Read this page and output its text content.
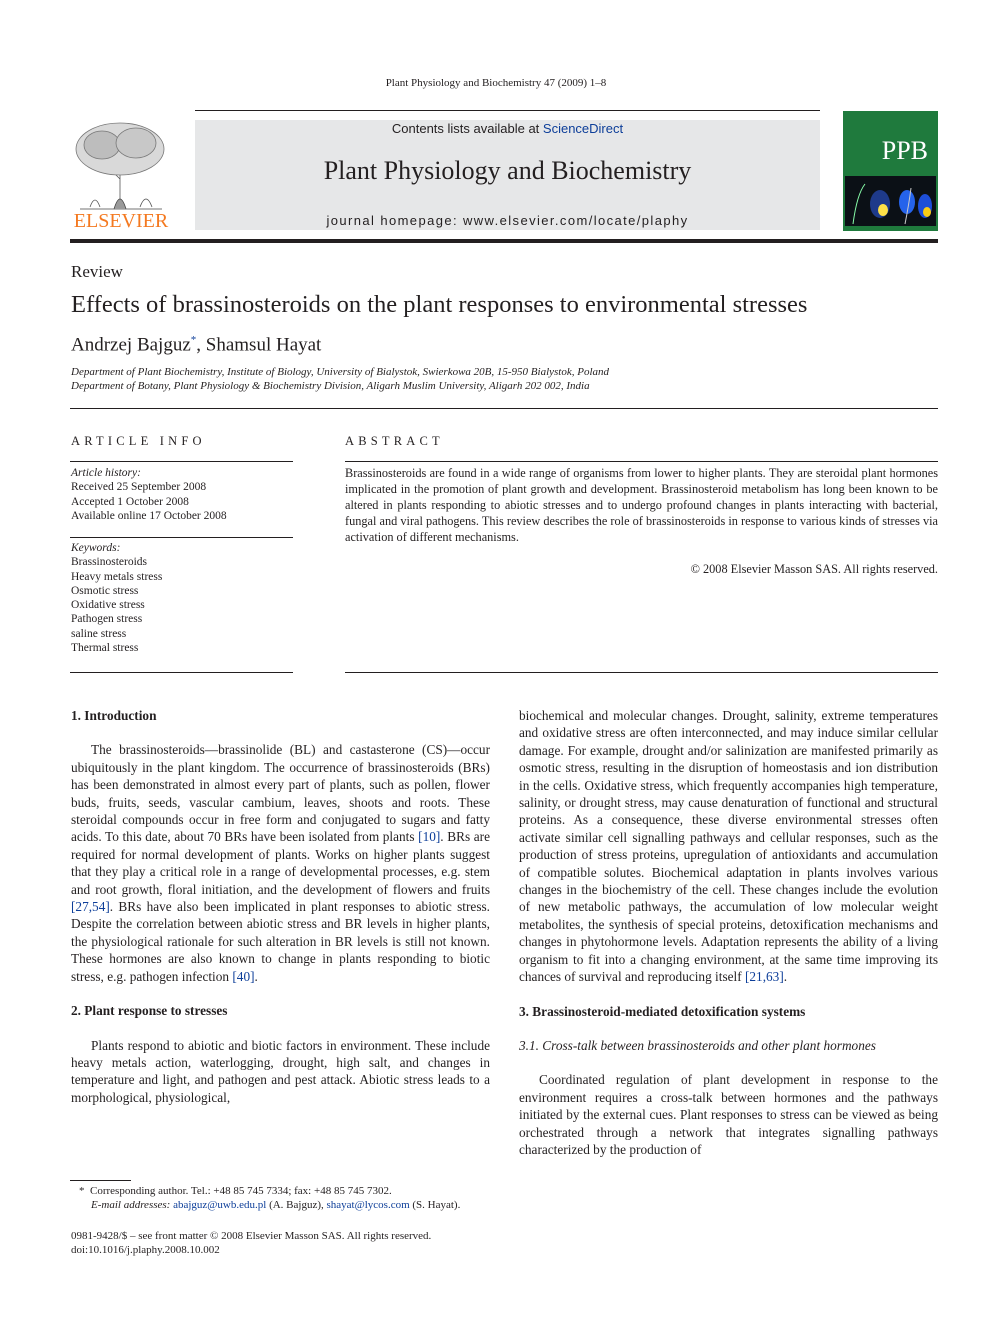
Plant Physiology and Biochemistry 47 (2009) 1–8
ELSEVIER
Contents lists available at ScienceDirect
Plant Physiology and Biochemistry
journal homepage: www.elsevier.com/locate/plaphy
PPB
Review
Effects of brassinosteroids on the plant responses to environmental stresses
Andrzej Bajguz*, Shamsul Hayat
Department of Plant Biochemistry, Institute of Biology, University of Bialystok, Swierkowa 20B, 15-950 Bialystok, Poland
Department of Botany, Plant Physiology & Biochemistry Division, Aligarh Muslim University, Aligarh 202 002, India
ARTICLE INFO
Article history:
Received 25 September 2008
Accepted 1 October 2008
Available online 17 October 2008
Keywords:
Brassinosteroids
Heavy metals stress
Osmotic stress
Oxidative stress
Pathogen stress
saline stress
Thermal stress
ABSTRACT
Brassinosteroids are found in a wide range of organisms from lower to higher plants. They are steroidal plant hormones implicated in the promotion of plant growth and development. Brassinosteroid metabolism has long been known to be altered in plants responding to abiotic stresses and to undergo profound changes in plants interacting with bacterial, fungal and viral pathogens. This review describes the role of brassinosteroids in response to various kinds of stresses via activation of different mechanisms.
© 2008 Elsevier Masson SAS. All rights reserved.
1. Introduction

The brassinosteroids—brassinolide (BL) and castasterone (CS)—occur ubiquitously in the plant kingdom. The occurrence of brassinosteroids (BRs) has been demonstrated in almost every part of plants, such as pollen, flower buds, fruits, seeds, vascular cambium, leaves, shoots and roots. These steroidal compounds occur in free form and conjugated to sugars and fatty acids. To this date, about 70 BRs have been isolated from plants [10]. BRs are required for normal development of plants. Works on higher plants suggest that they play a critical role in a range of developmental processes, e.g. stem and root growth, floral initiation, and the development of flowers and fruits [27,54]. BRs have also been implicated in plant responses to abiotic stress. Despite the correlation between abiotic stress and BR levels in higher plants, the physiological rationale for such alteration in BR levels is still not known. These hormones are also known to change in plants responding to biotic stress, e.g. pathogen infection [40].

2. Plant response to stresses

Plants respond to abiotic and biotic factors in environment. These include heavy metals action, waterlogging, drought, high salt, and changes in temperature and light, and pathogen and pest attack. Abiotic stress leads to a morphological, physiological,

biochemical and molecular changes. Drought, salinity, extreme temperatures and oxidative stress are often interconnected, and may induce similar cellular damage. For example, drought and/or salinization are manifested primarily as osmotic stress, resulting in the disruption of homeostasis and ion distribution in the cells. Oxidative stress, which frequently accompanies high temperature, salinity, or drought stress, may cause denaturation of functional and structural proteins. As a consequence, these diverse environmental stresses often activate similar cell signalling pathways and cellular responses, such as the production of stress proteins, upregulation of antioxidants and accumulation of compatible solutes. Biochemical adaptation in plants involves various changes in the biochemistry of the cell. These changes include the evolution of new metabolic pathways, the accumulation of low molecular weight metabolites, the synthesis of special proteins, detoxification mechanisms and changes in phytohormone levels. Adaptation represents the ability of a living organism to fit into a changing environment, at the same time improving its chances of survival and reproducing itself [21,63].

3. Brassinosteroid-mediated detoxification systems
3.1. Cross-talk between brassinosteroids and other plant hormones

Coordinated regulation of plant development in response to the environment requires a cross-talk between hormones and the pathways initiated by the external cues. Plant responses to stress can be viewed as being orchestrated through a network that integrates signalling pathways characterized by the production of

* Corresponding author. Tel.: +48 85 745 7334; fax: +48 85 745 7302.
E-mail addresses: abajguz@uwb.edu.pl (A. Bajguz), shayat@lycos.com (S. Hayat).
0981-9428/$ – see front matter © 2008 Elsevier Masson SAS. All rights reserved.
doi:10.1016/j.plaphy.2008.10.002
